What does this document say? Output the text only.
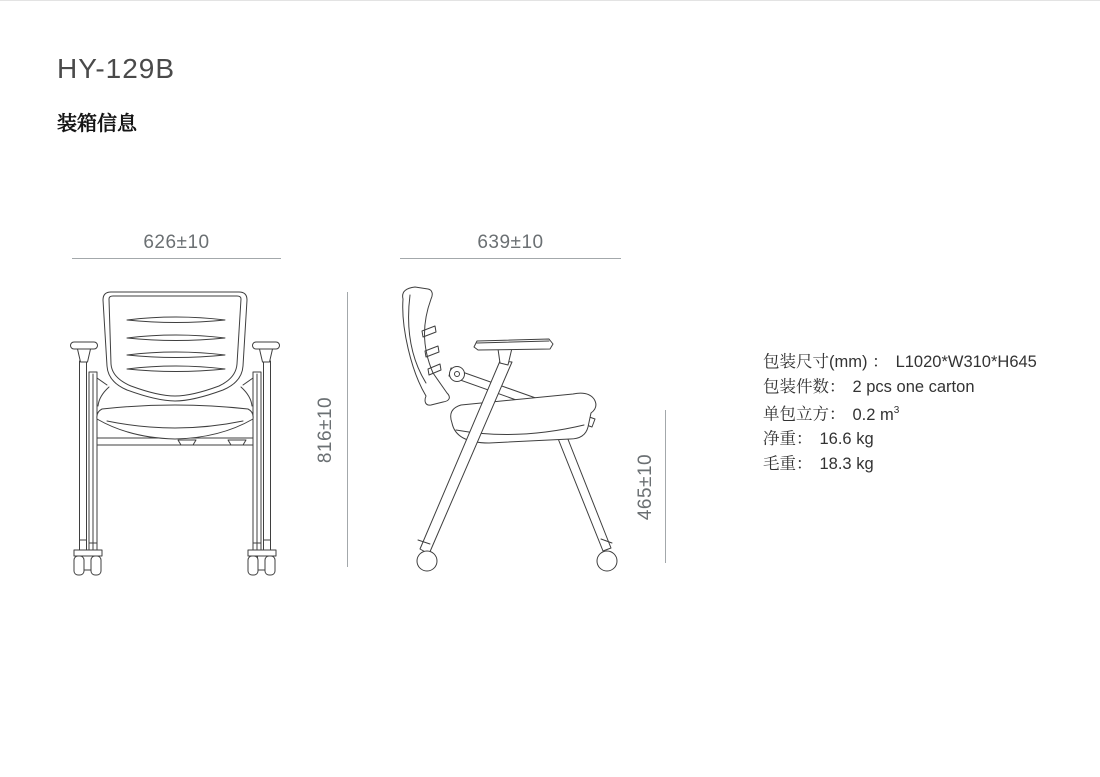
HY-129B
装箱信息
626±10	639±10
816±10
465±10
包装尺寸(mm) ： L1020*W310*H645
包装件数： 2 pcs one carton
单包立方： 0.2 $m^3$
净重： 16.6 kg
毛重： 18.3 kg
